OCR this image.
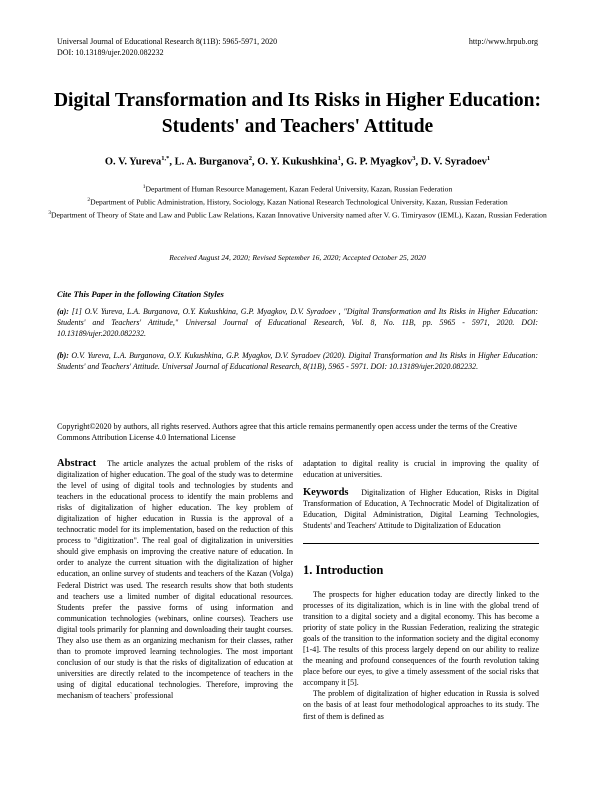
Universal Journal of Educational Research 8(11B): 5965-5971, 2020
DOI: 10.13189/ujer.2020.082232
http://www.hrpub.org
Digital Transformation and Its Risks in Higher Education: Students' and Teachers' Attitude
O. V. Yureva$^{1,*}$, L. A. Burganova$^2$, O. Y. Kukushkina$^1$, G. P. Myagkov$^3$, D. V. Syradoev$^1$
$^1$Department of Human Resource Management, Kazan Federal University, Kazan, Russian Federation
$^2$Department of Public Administration, History, Sociology, Kazan National Research Technological University, Kazan, Russian Federation
$^3$Department of Theory of State and Law and Public Law Relations, Kazan Innovative University named after V. G. Timiryasov (IEML), Kazan, Russian Federation
Received August 24, 2020; Revised September 16, 2020; Accepted October 25, 2020
Cite This Paper in the following Citation Styles
(a): [1] O.V. Yureva, L.A. Burganova, O.Y. Kukushkina, G.P. Myagkov, D.V. Syradoev , "Digital Transformation and Its Risks in Higher Education: Students' and Teachers' Attitude," Universal Journal of Educational Research, Vol. 8, No. 11B, pp. 5965 - 5971, 2020. DOI: 10.13189/ujer.2020.082232.
(b): O.V. Yureva, L.A. Burganova, O.Y. Kukushkina, G.P. Myagkov, D.V. Syradoev (2020). Digital Transformation and Its Risks in Higher Education: Students' and Teachers' Attitude. Universal Journal of Educational Research, 8(11B), 5965 - 5971. DOI: 10.13189/ujer.2020.082232.
Copyright©2020 by authors, all rights reserved. Authors agree that this article remains permanently open access under the terms of the Creative Commons Attribution License 4.0 International License

Abstract The article analyzes the actual problem of the risks of digitalization of higher education. The goal of the study was to determine the level of using of digital tools and technologies by students and teachers in the educational process to identify the main problems and risks of digitalization of higher education. The key problem of digitalization of higher education in Russia is the approval of a technocratic model for its implementation, based on the reduction of this process to "digitization". The real goal of digitalization in universities should give emphasis on improving the creative nature of education. In order to analyze the current situation with the digitalization of higher education, an online survey of students and teachers of the Kazan (Volga) Federal District was used. The research results show that both students and teachers use a limited number of digital educational resources. Students prefer the passive forms of using information and communication technologies (webinars, online courses). Teachers use digital tools primarily for planning and downloading their taught courses. They also use them as an organizing mechanism for their classes, rather than to promote improved learning technologies. The most important conclusion of our study is that the risks of digitalization of education at universities are directly related to the incompetence of teachers in the using of digital educational technologies. Therefore, improving the mechanism of teachers` professional

adaptation to digital reality is crucial in improving the quality of education at universities.

Keywords Digitalization of Higher Education, Risks in Digital Transformation of Education, A Technocratic Model of Digitalization of Education, Digital Administration, Digital Learning Technologies, Students' and Teachers' Attitude to Digitalization of Education

1. Introduction

The prospects for higher education today are directly linked to the processes of its digitalization, which is in line with the global trend of transition to a digital society and a digital economy. This has become a priority of state policy in the Russian Federation, realizing the strategic goals of the transition to the information society and the digital economy [1-4]. The results of this process largely depend on our ability to realize the meaning and profound consequences of the fourth revolution taking place before our eyes, to give a timely assessment of the social risks that accompany it [5].

The problem of digitalization of higher education in Russia is solved on the basis of at least four methodological approaches to its study. The first of them is defined as
